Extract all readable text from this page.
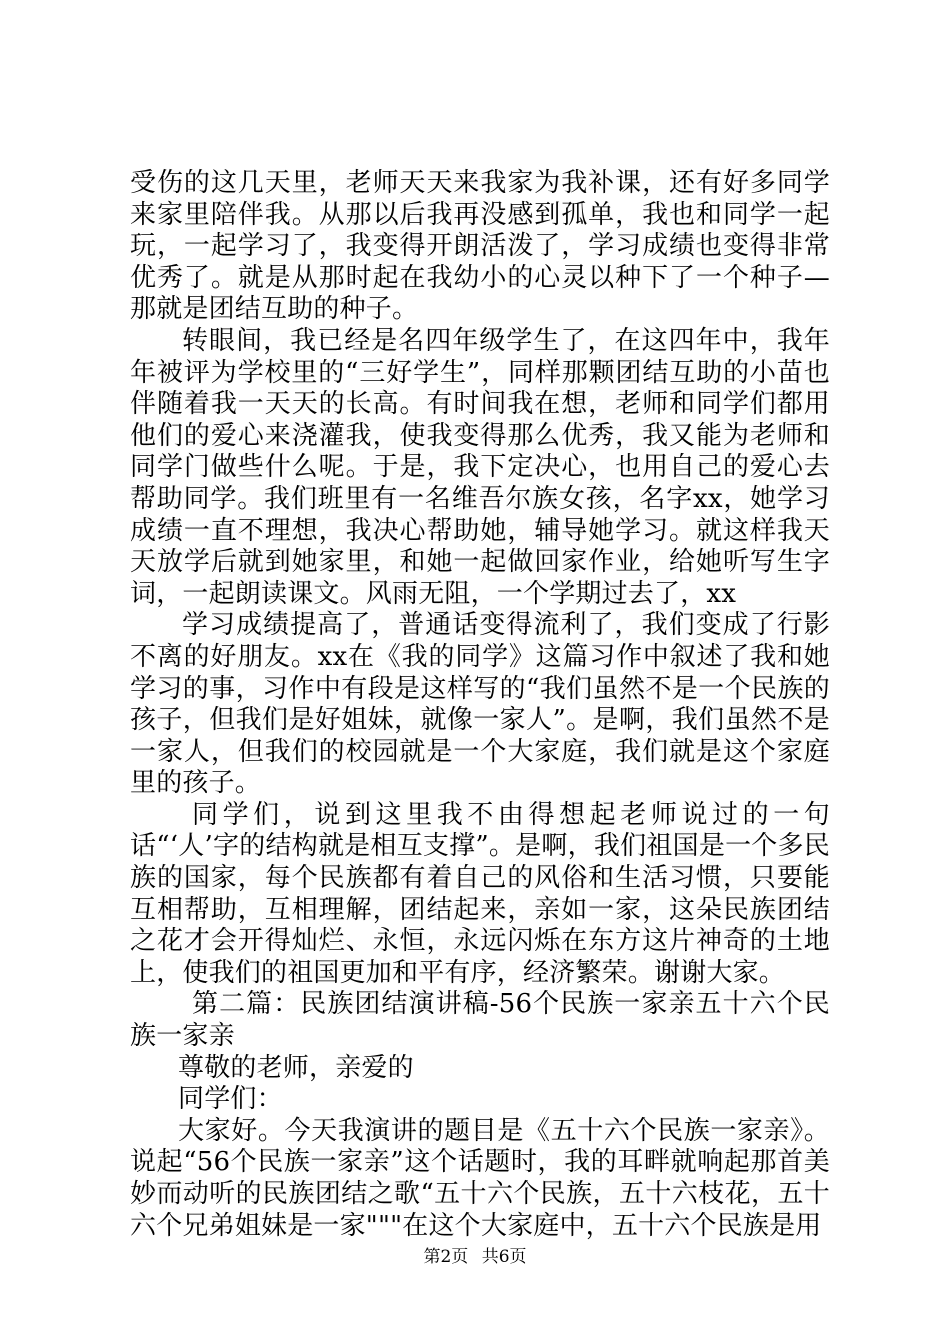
受伤的这几天里，老师天天来我家为我补课，还有好多同学来家里陪伴我。从那以后我再没感到孤单，我也和同学一起玩，一起学习了，我变得开朗活泼了，学习成绩也变得非常优秀了。就是从那时起在我幼小的心灵以种下了一个种子—那就是团结互助的种子。

转眼间，我已经是名四年级学生了，在这四年中，我年年被评为学校里的“三好学生”，同样那颗团结互助的小苗也伴随着我一天天的长高。有时间我在想，老师和同学们都用他们的爱心来浇灌我，使我变得那么优秀，我又能为老师和同学门做些什么呢。于是，我下定决心，也用自己的爱心去帮助同学。我们班里有一名维吾尔族女孩，名字xx，她学习成绩一直不理想，我决心帮助她，辅导她学习。就这样我天天放学后就到她家里，和她一起做回家作业，给她听写生字词，一起朗读课文。风雨无阻，一个学期过去了，xx

学习成绩提高了，普通话变得流利了，我们变成了行影不离的好朋友。xx在《我的同学》这篇习作中叙述了我和她学习的事，习作中有段是这样写的“我们虽然不是一个民族的孩子，但我们是好姐妹，就像一家人”。是啊，我们虽然不是一家人，但我们的校园就是一个大家庭，我们就是这个家庭里的孩子。

同学们，说到这里我不由得想起老师说过的一句话“‘人’字的结构就是相互支撑”。是啊，我们祖国是一个多民族的国家，每个民族都有着自己的风俗和生活习惯，只要能互相帮助，互相理解，团结起来，亲如一家，这朵民族团结之花才会开得灿烂、永恒，永远闪烁在东方这片神奇的土地上，使我们的祖国更加和平有序，经济繁荣。谢谢大家。

第二篇：民族团结演讲稿-56个民族一家亲五十六个民族一家亲

尊敬的老师，亲爱的

同学们：

大家好。今天我演讲的题目是《五十六个民族一家亲》。说起“56个民族一家亲”这个话题时，我的耳畔就响起那首美妙而动听的民族团结之歌“五十六个民族，五十六枝花，五十六个兄弟姐妹是一家"""在这个大家庭中，五十六个民族是用

第2页 共6页
